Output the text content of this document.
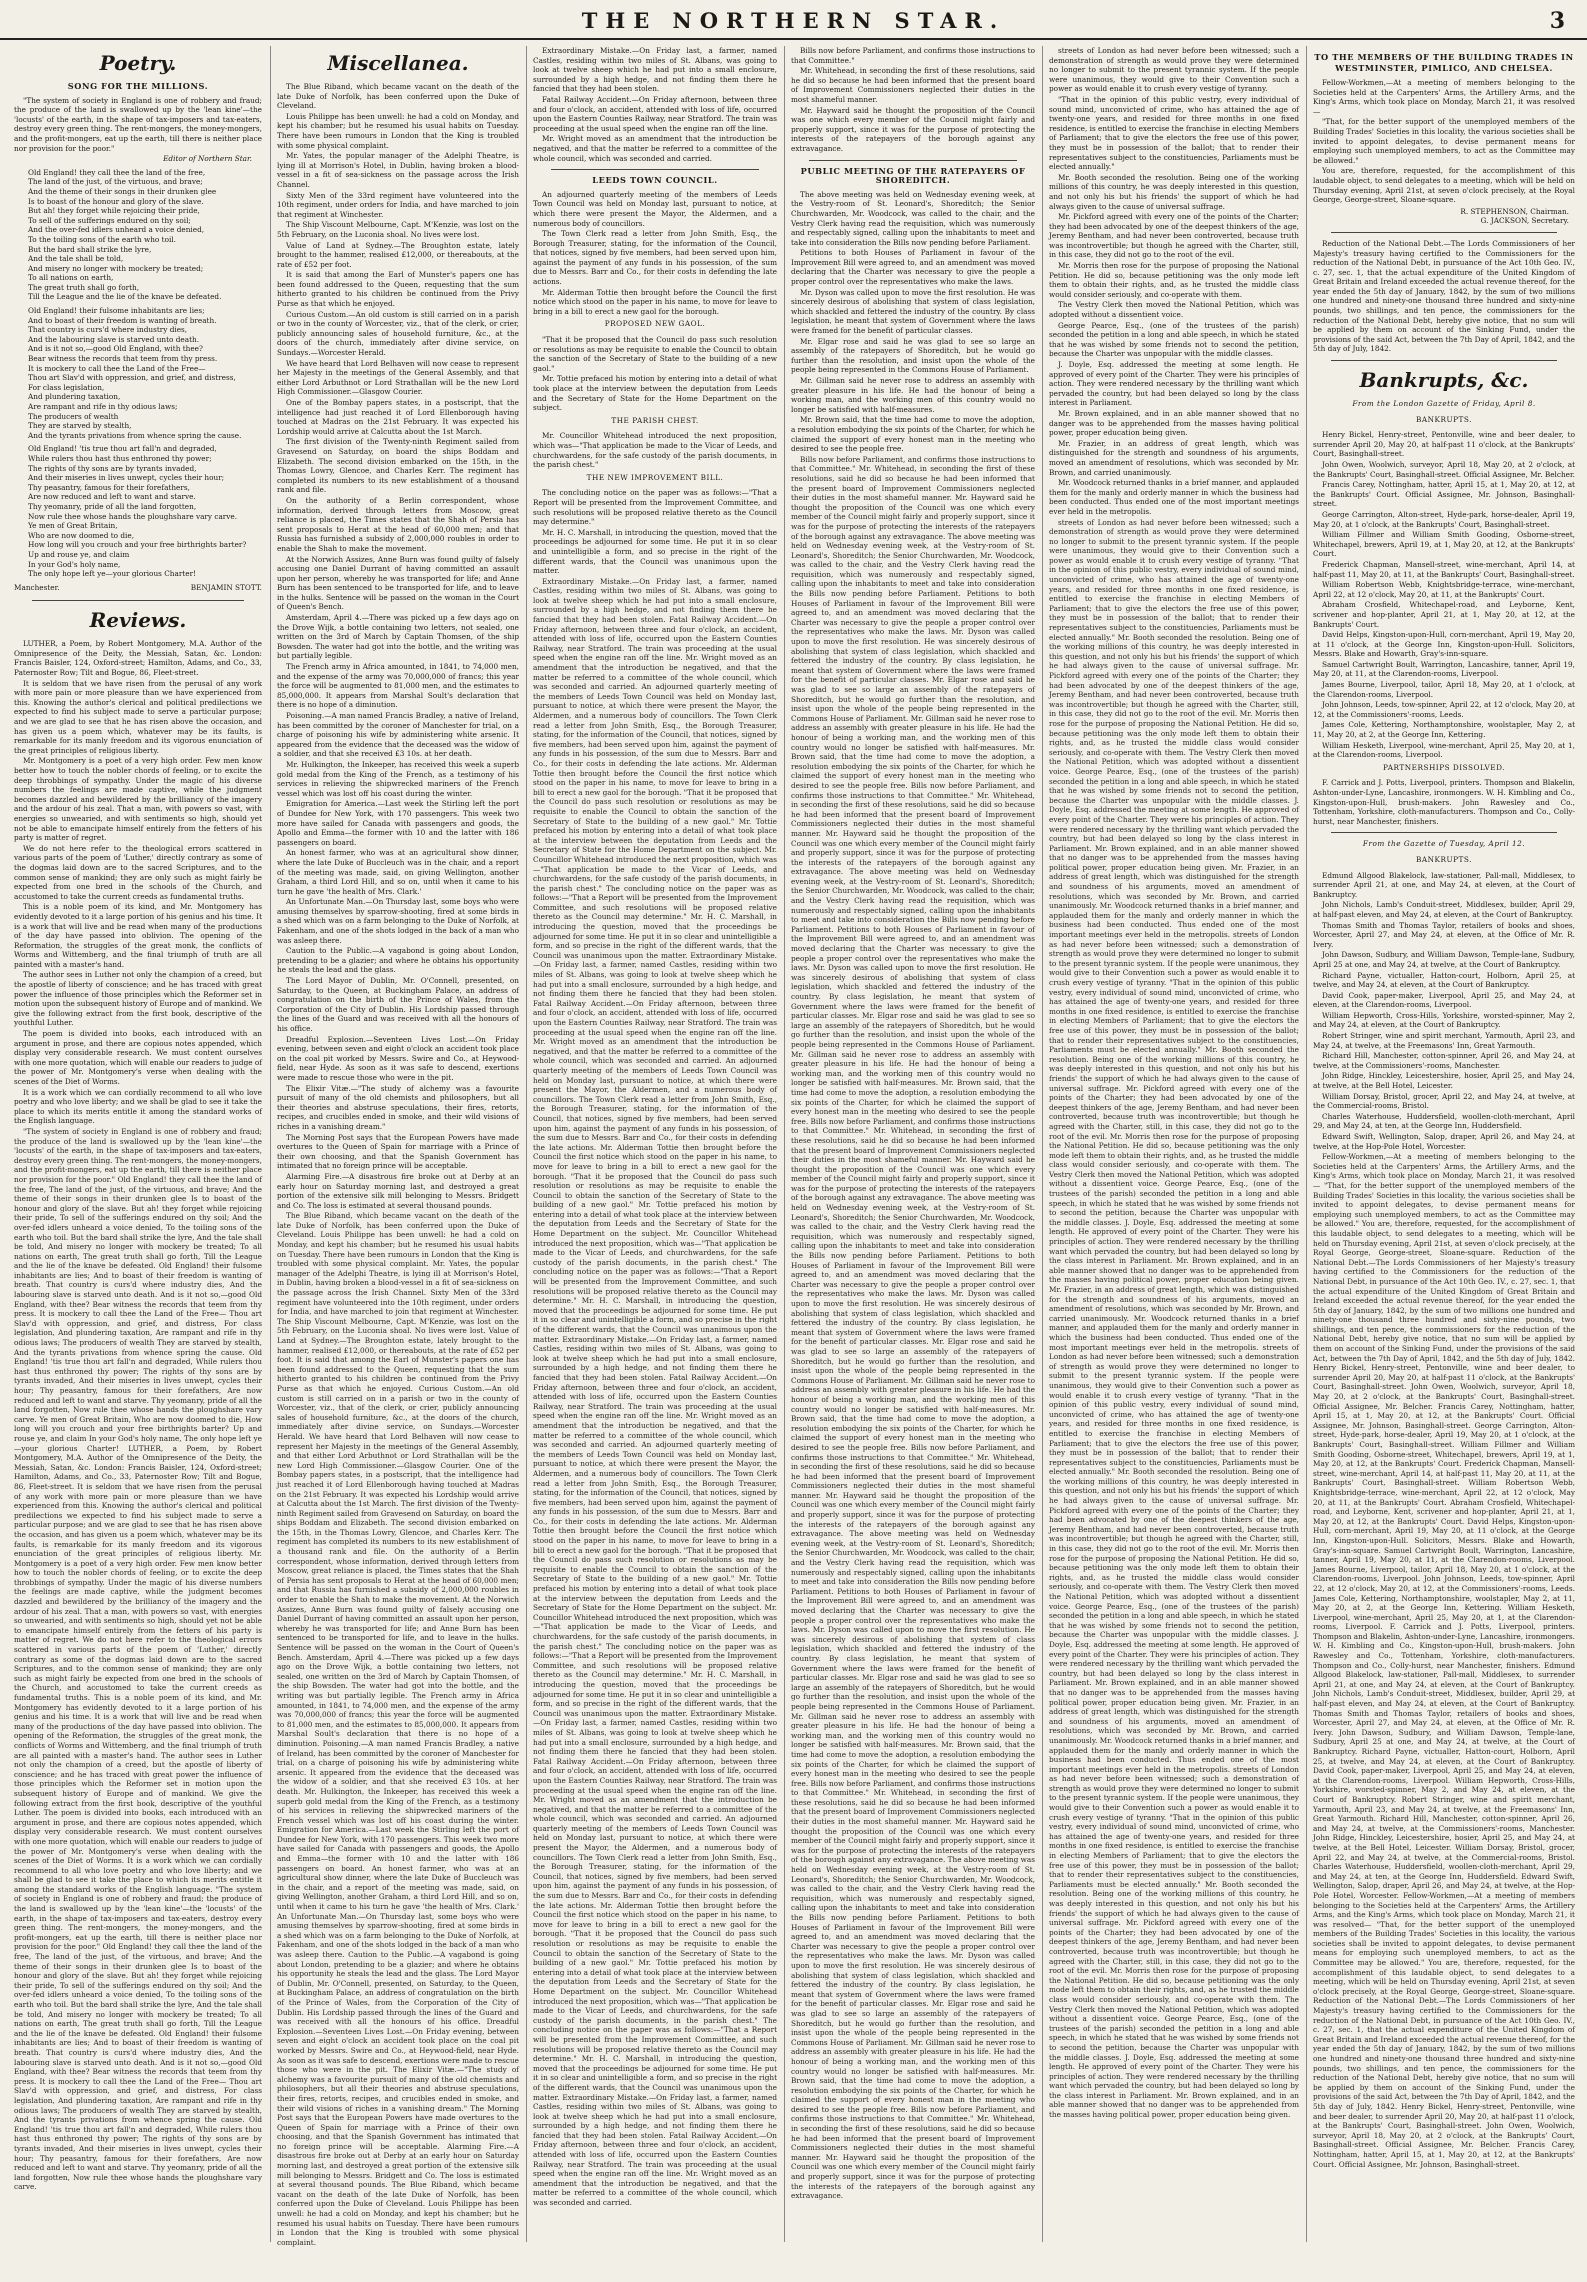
THE NORTHERN STAR.	3
Poetry.
SONG FOR THE MILLIONS.

"The system of society in England is one of robbery and fraud; the produce of the land is swallowed up by the 'lean kine'—the 'locusts' of the earth, in the shape of tax-imposers and tax-eaters, destroy every green thing. The rent-mongers, the money-mongers, and the profit-mongers, eat up the earth, till there is neither place nor provision for the poor."

Editor of Northern Star.

Old England! they call thee the land of the free,

The land of the just, of the virtuous, and brave;

And the theme of their songs in their drunken glee

Is to boast of the honour and glory of the slave.

But ah! they forget while rejoicing their pride,

To sell of the sufferings endured on thy soil;

And the over-fed idlers unheard a voice denied,

To the toiling sons of the earth who toil.

But the bard shall strike the lyre,

And the tale shall be told,

And misery no longer with mockery be treated;

To all nations on earth,

The great truth shall go forth,

Till the League and the lie of the knave be defeated.

Old England! their fulsome inhabitants are lies;

And to boast of their freedom is wanting of breath.

That country is curs'd where industry dies,

And the labouring slave is starved unto death.

And is it not so,—good Old England, with thee?

Bear witness the records that teem from thy press.

It is mockery to call thee the Land of the Free—

Thou art Slav'd with oppression, and grief, and distress,

For class legislation,

And plundering taxation,

Are rampant and rife in thy odious laws;

The producers of wealth

They are starved by stealth,

And the tyrants privations from whence spring the cause.

Old England! 'tis true thou art fall'n and degraded,

While rulers thou hast thus enthroned thy power;

The rights of thy sons are by tyrants invaded,

And their miseries in lives unwept, cycles their hour;

Thy peasantry, famous for their forefathers,

Are now reduced and left to want and starve.

Thy yeomanry, pride of all the land forgotten,

Now rule thee whose hands the ploughshare vary carve.

Ye men of Great Britain,

Who are now doomed to die,

How long will you crouch and your free birthrights barter?

Up and rouse ye, and claim

In your God's holy name,

The only hope left ye—your glorious Charter!

Manchester.	BENJAMIN STOTT.
Reviews.

LUTHER, a Poem, by Robert Montgomery, M.A. Author of the Omnipresence of the Deity, the Messiah, Satan, &c. London: Francis Baisler, 124, Oxford-street; Hamilton, Adams, and Co., 33, Paternoster Row; Tilt and Bogue, 86, Fleet-street.

It is seldom that we have risen from the perusal of any work with more pain or more pleasure than we have experienced from this. Knowing the author's clerical and political predilections we expected to find his subject made to serve a particular purpose; and we are glad to see that he has risen above the occasion, and has given us a poem which, whatever may be its faults, is remarkable for its manly freedom and its vigorous enunciation of the great principles of religious liberty.

Mr. Montgomery is a poet of a very high order. Few men know better how to touch the nobler chords of feeling, or to excite the deep throbbings of sympathy. Under the magic of his diverse numbers the feelings are made captive, while the judgment becomes dazzled and bewildered by the brilliancy of the imagery and the ardour of his zeal. That a man, with powers so vast, with energies so unwearied, and with sentiments so high, should yet not be able to emancipate himself entirely from the fetters of his party is matter of regret.

We do not here refer to the theological errors scattered in various parts of the poem of 'Luther,' directly contrary as some of the dogmas laid down are to the sacred Scriptures, and to the common sense of mankind; they are only such as might fairly be expected from one bred in the schools of the Church, and accustomed to take the current creeds as fundamental truths.

This is a noble poem of its kind, and Mr. Montgomery has evidently devoted to it a large portion of his genius and his time. It is a work that will live and be read when many of the productions of the day have passed into oblivion. The opening of the Reformation, the struggles of the great monk, the conflicts of Worms and Wittemberg, and the final triumph of truth are all painted with a master's hand.

The author sees in Luther not only the champion of a creed, but the apostle of liberty of conscience; and he has traced with great power the influence of those principles which the Reformer set in motion upon the subsequent history of Europe and of mankind. We give the following extract from the first book, descriptive of the youthful Luther.

The poem is divided into books, each introduced with an argument in prose, and there are copious notes appended, which display very considerable research. We must content ourselves with one more quotation, which will enable our readers to judge of the power of Mr. Montgomery's verse when dealing with the scenes of the Diet of Worms.

It is a work which we can cordially recommend to all who love poetry and who love liberty; and we shall be glad to see it take the place to which its merits entitle it among the standard works of the English language.

"The system of society in England is one of robbery and fraud; the produce of the land is swallowed up by the 'lean kine'—the 'locusts' of the earth, in the shape of tax-imposers and tax-eaters, destroy every green thing. The rent-mongers, the money-mongers, and the profit-mongers, eat up the earth, till there is neither place nor provision for the poor." Old England! they call thee the land of the free, The land of the just, of the virtuous, and brave; And the theme of their songs in their drunken glee Is to boast of the honour and glory of the slave. But ah! they forget while rejoicing their pride, To sell of the sufferings endured on thy soil; And the over-fed idlers unheard a voice denied, To the toiling sons of the earth who toil. But the bard shall strike the lyre, And the tale shall be told, And misery no longer with mockery be treated; To all nations on earth, The great truth shall go forth, Till the League and the lie of the knave be defeated. Old England! their fulsome inhabitants are lies; And to boast of their freedom is wanting of breath. That country is curs'd where industry dies, And the labouring slave is starved unto death. And is it not so,—good Old England, with thee? Bear witness the records that teem from thy press. It is mockery to call thee the Land of the Free— Thou art Slav'd with oppression, and grief, and distress, For class legislation, And plundering taxation, Are rampant and rife in thy odious laws; The producers of wealth They are starved by stealth, And the tyrants privations from whence spring the cause. Old England! 'tis true thou art fall'n and degraded, While rulers thou hast thus enthroned thy power; The rights of thy sons are by tyrants invaded, And their miseries in lives unwept, cycles their hour; Thy peasantry, famous for their forefathers, Are now reduced and left to want and starve. Thy yeomanry, pride of all the land forgotten, Now rule thee whose hands the ploughshare vary carve. Ye men of Great Britain, Who are now doomed to die, How long will you crouch and your free birthrights barter? Up and rouse ye, and claim In your God's holy name, The only hope left ye—your glorious Charter! LUTHER, a Poem, by Robert Montgomery, M.A. Author of the Omnipresence of the Deity, the Messiah, Satan, &c. London: Francis Baisler, 124, Oxford-street; Hamilton, Adams, and Co., 33, Paternoster Row; Tilt and Bogue, 86, Fleet-street. It is seldom that we have risen from the perusal of any work with more pain or more pleasure than we have experienced from this. Knowing the author's clerical and political predilections we expected to find his subject made to serve a particular purpose; and we are glad to see that he has risen above the occasion, and has given us a poem which, whatever may be its faults, is remarkable for its manly freedom and its vigorous enunciation of the great principles of religious liberty. Mr. Montgomery is a poet of a very high order. Few men know better how to touch the nobler chords of feeling, or to excite the deep throbbings of sympathy. Under the magic of his diverse numbers the feelings are made captive, while the judgment becomes dazzled and bewildered by the brilliancy of the imagery and the ardour of his zeal. That a man, with powers so vast, with energies so unwearied, and with sentiments so high, should yet not be able to emancipate himself entirely from the fetters of his party is matter of regret. We do not here refer to the theological errors scattered in various parts of the poem of 'Luther,' directly contrary as some of the dogmas laid down are to the sacred Scriptures, and to the common sense of mankind; they are only such as might fairly be expected from one bred in the schools of the Church, and accustomed to take the current creeds as fundamental truths. This is a noble poem of its kind, and Mr. Montgomery has evidently devoted to it a large portion of his genius and his time. It is a work that will live and be read when many of the productions of the day have passed into oblivion. The opening of the Reformation, the struggles of the great monk, the conflicts of Worms and Wittemberg, and the final triumph of truth are all painted with a master's hand. The author sees in Luther not only the champion of a creed, but the apostle of liberty of conscience; and he has traced with great power the influence of those principles which the Reformer set in motion upon the subsequent history of Europe and of mankind. We give the following extract from the first book, descriptive of the youthful Luther. The poem is divided into books, each introduced with an argument in prose, and there are copious notes appended, which display very considerable research. We must content ourselves with one more quotation, which will enable our readers to judge of the power of Mr. Montgomery's verse when dealing with the scenes of the Diet of Worms. It is a work which we can cordially recommend to all who love poetry and who love liberty; and we shall be glad to see it take the place to which its merits entitle it among the standard works of the English language. "The system of society in England is one of robbery and fraud; the produce of the land is swallowed up by the 'lean kine'—the 'locusts' of the earth, in the shape of tax-imposers and tax-eaters, destroy every green thing. The rent-mongers, the money-mongers, and the profit-mongers, eat up the earth, till there is neither place nor provision for the poor." Old England! they call thee the land of the free, The land of the just, of the virtuous, and brave; And the theme of their songs in their drunken glee Is to boast of the honour and glory of the slave. But ah! they forget while rejoicing their pride, To sell of the sufferings endured on thy soil; And the over-fed idlers unheard a voice denied, To the toiling sons of the earth who toil. But the bard shall strike the lyre, And the tale shall be told, And misery no longer with mockery be treated; To all nations on earth, The great truth shall go forth, Till the League and the lie of the knave be defeated. Old England! their fulsome inhabitants are lies; And to boast of their freedom is wanting of breath. That country is curs'd where industry dies, And the labouring slave is starved unto death. And is it not so,—good Old England, with thee? Bear witness the records that teem from thy press. It is mockery to call thee the Land of the Free— Thou art Slav'd with oppression, and grief, and distress, For class legislation, And plundering taxation, Are rampant and rife in thy odious laws; The producers of wealth They are starved by stealth, And the tyrants privations from whence spring the cause. Old England! 'tis true thou art fall'n and degraded, While rulers thou hast thus enthroned thy power; The rights of thy sons are by tyrants invaded, And their miseries in lives unwept, cycles their hour; Thy peasantry, famous for their forefathers, Are now reduced and left to want and starve. Thy yeomanry, pride of all the land forgotten, Now rule thee whose hands the ploughshare vary carve.
Miscellanea.

The Blue Riband, which became vacant on the death of the late Duke of Norfolk, has been conferred upon the Duke of Cleveland.

Louis Philippe has been unwell: he had a cold on Monday, and kept his chamber; but he resumed his usual habits on Tuesday. There have been rumours in London that the King is troubled with some physical complaint.

Mr. Yates, the popular manager of the Adelphi Theatre, is lying ill at Morrison's Hotel, in Dublin, having broken a blood-vessel in a fit of sea-sickness on the passage across the Irish Channel.

Sixty Men of the 33rd regiment have volunteered into the 10th regiment, under orders for India, and have marched to join that regiment at Winchester.

The Ship Viscount Melbourne, Capt. M'Kenzie, was lost on the 5th February, on the Luconia shoal. No lives were lost.

Value of Land at Sydney.—The Broughton estate, lately brought to the hammer, realised £12,000, or thereabouts, at the rate of £52 per foot.

It is said that among the Earl of Munster's papers one has been found addressed to the Queen, requesting that the sum hitherto granted to his children be continued from the Privy Purse as that which he enjoyed.

Curious Custom.—An old custom is still carried on in a parish or two in the county of Worcester, viz., that of the clerk, or crier, publicly announcing sales of household furniture, &c., at the doors of the church, immediately after divine service, on Sundays.—Worcester Herald.

We have heard that Lord Belhaven will now cease to represent her Majesty in the meetings of the General Assembly, and that either Lord Arbuthnot or Lord Strathallan will be the new Lord High Commissioner.—Glasgow Courier.

One of the Bombay papers states, in a postscript, that the intelligence had just reached it of Lord Ellenborough having touched at Madras on the 21st February. It was expected his Lordship would arrive at Calcutta about the 1st March.

The first division of the Twenty-ninth Regiment sailed from Gravesend on Saturday, on board the ships Boddam and Elizabeth. The second division embarked on the 15th, in the Thomas Lowry, Glencoe, and Charles Kerr. The regiment has completed its numbers to its new establishment of a thousand rank and file.

On the authority of a Berlin correspondent, whose information, derived through letters from Moscow, great reliance is placed, the Times states that the Shah of Persia has sent proposals to Herat at the head of 60,000 men; and that Russia has furnished a subsidy of 2,000,000 roubles in order to enable the Shah to make the movement.

At the Norwich Assizes, Anne Burn was found guilty of falsely accusing one Daniel Durrant of having committed an assault upon her person, whereby he was transported for life; and Anne Burn has been sentenced to be transported for life, and to leave in the hulks. Sentence will be passed on the woman in the Court of Queen's Bench.

Amsterdam, April 4.—There was picked up a few days ago on the Drove Wijk, a bottle containing two letters, not sealed, one written on the 3rd of March by Captain Thomsen, of the ship Bowsden. The water had got into the bottle, and the writing was but partially legible.

The French army in Africa amounted, in 1841, to 74,000 men, and the expense of the army was 70,000,000 of francs; this year the force will be augmented to 81,000 men, and the estimates to 85,000,000. It appears from Marshal Soult's declaration that there is no hope of a diminution.

Poisoning.—A man named Francis Bradley, a native of Ireland, has been committed by the coroner of Manchester for trial, on a charge of poisoning his wife by administering white arsenic. It appeared from the evidence that the deceased was the widow of a soldier, and that she received £3 10s. at her death.

Mr. Hulkington, the Inkeeper, has received this week a superb gold medal from the King of the French, as a testimony of his services in relieving the shipwrecked mariners of the French vessel which was lost off his coast during the winter.

Emigration for America.—Last week the Stirling left the port of Dundee for New York, with 170 passengers. This week two more have sailed for Canada with passengers and goods, the Apollo and Emma—the former with 10 and the latter with 186 passengers on board.

An honest farmer, who was at an agricultural show dinner, where the late Duke of Buccleuch was in the chair, and a report of the meeting was made, said, on giving Wellington, another Graham, a third Lord Hill, and so on, until when it came to his turn he gave 'the health of Mrs. Clark.'

An Unfortunate Man.—On Thursday last, some boys who were amusing themselves by sparrow-shooting, fired at some birds in a shed which was on a farm belonging to the Duke of Norfolk, at Fakenham, and one of the shots lodged in the back of a man who was asleep there.

Caution to the Public.—A vagabond is going about London, pretending to be a glazier; and where he obtains his opportunity he steals the lead and the glass.

The Lord Mayor of Dublin, Mr. O'Connell, presented, on Saturday, to the Queen, at Buckingham Palace, an address of congratulation on the birth of the Prince of Wales, from the Corporation of the City of Dublin. His Lordship passed through the lines of the Guard and was received with all the honours of his office.

Dreadful Explosion.—Seventeen Lives Lost.—On Friday evening, between seven and eight o'clock an accident took place on the coal pit worked by Messrs. Swire and Co., at Heywood-field, near Hyde. As soon as it was safe to descend, exertions were made to rescue those who were in the pit.

The Elixir Vitæ.—"The study of alchemy was a favourite pursuit of many of the old chemists and philosophers, but all their theories and abstruse speculations, their fires, retorts, recipes, and crucibles ended in smoke, and their wild visions of riches in a vanishing dream."

The Morning Post says that the European Powers have made overtures to the Queen of Spain for marriage with a Prince of their own choosing, and that the Spanish Government has intimated that no foreign prince will be acceptable.

Alarming Fire.—A disastrous fire broke out at Derby at an early hour on Saturday morning last, and destroyed a great portion of the extensive silk mill belonging to Messrs. Bridgett and Co. The loss is estimated at several thousand pounds.

The Blue Riband, which became vacant on the death of the late Duke of Norfolk, has been conferred upon the Duke of Cleveland. Louis Philippe has been unwell: he had a cold on Monday, and kept his chamber; but he resumed his usual habits on Tuesday. There have been rumours in London that the King is troubled with some physical complaint. Mr. Yates, the popular manager of the Adelphi Theatre, is lying ill at Morrison's Hotel, in Dublin, having broken a blood-vessel in a fit of sea-sickness on the passage across the Irish Channel. Sixty Men of the 33rd regiment have volunteered into the 10th regiment, under orders for India, and have marched to join that regiment at Winchester. The Ship Viscount Melbourne, Capt. M'Kenzie, was lost on the 5th February, on the Luconia shoal. No lives were lost. Value of Land at Sydney.—The Broughton estate, lately brought to the hammer, realised £12,000, or thereabouts, at the rate of £52 per foot. It is said that among the Earl of Munster's papers one has been found addressed to the Queen, requesting that the sum hitherto granted to his children be continued from the Privy Purse as that which he enjoyed. Curious Custom.—An old custom is still carried on in a parish or two in the county of Worcester, viz., that of the clerk, or crier, publicly announcing sales of household furniture, &c., at the doors of the church, immediately after divine service, on Sundays.—Worcester Herald. We have heard that Lord Belhaven will now cease to represent her Majesty in the meetings of the General Assembly, and that either Lord Arbuthnot or Lord Strathallan will be the new Lord High Commissioner.—Glasgow Courier. One of the Bombay papers states, in a postscript, that the intelligence had just reached it of Lord Ellenborough having touched at Madras on the 21st February. It was expected his Lordship would arrive at Calcutta about the 1st March. The first division of the Twenty-ninth Regiment sailed from Gravesend on Saturday, on board the ships Boddam and Elizabeth. The second division embarked on the 15th, in the Thomas Lowry, Glencoe, and Charles Kerr. The regiment has completed its numbers to its new establishment of a thousand rank and file. On the authority of a Berlin correspondent, whose information, derived through letters from Moscow, great reliance is placed, the Times states that the Shah of Persia has sent proposals to Herat at the head of 60,000 men; and that Russia has furnished a subsidy of 2,000,000 roubles in order to enable the Shah to make the movement. At the Norwich Assizes, Anne Burn was found guilty of falsely accusing one Daniel Durrant of having committed an assault upon her person, whereby he was transported for life; and Anne Burn has been sentenced to be transported for life, and to leave in the hulks. Sentence will be passed on the woman in the Court of Queen's Bench. Amsterdam, April 4.—There was picked up a few days ago on the Drove Wijk, a bottle containing two letters, not sealed, one written on the 3rd of March by Captain Thomsen, of the ship Bowsden. The water had got into the bottle, and the writing was but partially legible. The French army in Africa amounted, in 1841, to 74,000 men, and the expense of the army was 70,000,000 of francs; this year the force will be augmented to 81,000 men, and the estimates to 85,000,000. It appears from Marshal Soult's declaration that there is no hope of a diminution. Poisoning.—A man named Francis Bradley, a native of Ireland, has been committed by the coroner of Manchester for trial, on a charge of poisoning his wife by administering white arsenic. It appeared from the evidence that the deceased was the widow of a soldier, and that she received £3 10s. at her death. Mr. Hulkington, the Inkeeper, has received this week a superb gold medal from the King of the French, as a testimony of his services in relieving the shipwrecked mariners of the French vessel which was lost off his coast during the winter. Emigration for America.—Last week the Stirling left the port of Dundee for New York, with 170 passengers. This week two more have sailed for Canada with passengers and goods, the Apollo and Emma—the former with 10 and the latter with 186 passengers on board. An honest farmer, who was at an agricultural show dinner, where the late Duke of Buccleuch was in the chair, and a report of the meeting was made, said, on giving Wellington, another Graham, a third Lord Hill, and so on, until when it came to his turn he gave 'the health of Mrs. Clark.' An Unfortunate Man.—On Thursday last, some boys who were amusing themselves by sparrow-shooting, fired at some birds in a shed which was on a farm belonging to the Duke of Norfolk, at Fakenham, and one of the shots lodged in the back of a man who was asleep there. Caution to the Public.—A vagabond is going about London, pretending to be a glazier; and where he obtains his opportunity he steals the lead and the glass. The Lord Mayor of Dublin, Mr. O'Connell, presented, on Saturday, to the Queen, at Buckingham Palace, an address of congratulation on the birth of the Prince of Wales, from the Corporation of the City of Dublin. His Lordship passed through the lines of the Guard and was received with all the honours of his office. Dreadful Explosion.—Seventeen Lives Lost.—On Friday evening, between seven and eight o'clock an accident took place on the coal pit worked by Messrs. Swire and Co., at Heywood-field, near Hyde. As soon as it was safe to descend, exertions were made to rescue those who were in the pit. The Elixir Vitæ.—"The study of alchemy was a favourite pursuit of many of the old chemists and philosophers, but all their theories and abstruse speculations, their fires, retorts, recipes, and crucibles ended in smoke, and their wild visions of riches in a vanishing dream." The Morning Post says that the European Powers have made overtures to the Queen of Spain for marriage with a Prince of their own choosing, and that the Spanish Government has intimated that no foreign prince will be acceptable. Alarming Fire.—A disastrous fire broke out at Derby at an early hour on Saturday morning last, and destroyed a great portion of the extensive silk mill belonging to Messrs. Bridgett and Co. The loss is estimated at several thousand pounds. The Blue Riband, which became vacant on the death of the late Duke of Norfolk, has been conferred upon the Duke of Cleveland. Louis Philippe has been unwell: he had a cold on Monday, and kept his chamber; but he resumed his usual habits on Tuesday. There have been rumours in London that the King is troubled with some physical complaint.

Extraordinary Mistake.—On Friday last, a farmer, named Castles, residing within two miles of St. Albans, was going to look at twelve sheep which he had put into a small enclosure, surrounded by a high hedge, and not finding them there he fancied that they had been stolen.

Fatal Railway Accident.—On Friday afternoon, between three and four o'clock, an accident, attended with loss of life, occurred upon the Eastern Counties Railway, near Stratford. The train was proceeding at the usual speed when the engine ran off the line.

Mr. Wright moved as an amendment that the introduction be negatived, and that the matter be referred to a committee of the whole council, which was seconded and carried.

LEEDS TOWN COUNCIL.

An adjourned quarterly meeting of the members of Leeds Town Council was held on Monday last, pursuant to notice, at which there were present the Mayor, the Aldermen, and a numerous body of councillors.

The Town Clerk read a letter from John Smith, Esq., the Borough Treasurer, stating, for the information of the Council, that notices, signed by five members, had been served upon him, against the payment of any funds in his possession, of the sum due to Messrs. Barr and Co., for their costs in defending the late actions.

Mr. Alderman Tottie then brought before the Council the first notice which stood on the paper in his name, to move for leave to bring in a bill to erect a new gaol for the borough.

PROPOSED NEW GAOL.

"That it be proposed that the Council do pass such resolution or resolutions as may be requisite to enable the Council to obtain the sanction of the Secretary of State to the building of a new gaol."

Mr. Tottie prefaced his motion by entering into a detail of what took place at the interview between the deputation from Leeds and the Secretary of State for the Home Department on the subject.

THE PARISH CHEST.

Mr. Councillor Whitehead introduced the next proposition, which was—"That application be made to the Vicar of Leeds, and churchwardens, for the safe custody of the parish documents, in the parish chest."

THE NEW IMPROVEMENT BILL.

The concluding notice on the paper was as follows:—"That a Report will be presented from the Improvement Committee, and such resolutions will be proposed relative thereto as the Council may determine."

Mr. H. C. Marshall, in introducing the question, moved that the proceedings be adjourned for some time. He put it in so clear and unintelligible a form, and so precise in the right of the different wards, that the Council was unanimous upon the matter.

Extraordinary Mistake.—On Friday last, a farmer, named Castles, residing within two miles of St. Albans, was going to look at twelve sheep which he had put into a small enclosure, surrounded by a high hedge, and not finding them there he fancied that they had been stolen. Fatal Railway Accident.—On Friday afternoon, between three and four o'clock, an accident, attended with loss of life, occurred upon the Eastern Counties Railway, near Stratford. The train was proceeding at the usual speed when the engine ran off the line. Mr. Wright moved as an amendment that the introduction be negatived, and that the matter be referred to a committee of the whole council, which was seconded and carried. An adjourned quarterly meeting of the members of Leeds Town Council was held on Monday last, pursuant to notice, at which there were present the Mayor, the Aldermen, and a numerous body of councillors. The Town Clerk read a letter from John Smith, Esq., the Borough Treasurer, stating, for the information of the Council, that notices, signed by five members, had been served upon him, against the payment of any funds in his possession, of the sum due to Messrs. Barr and Co., for their costs in defending the late actions. Mr. Alderman Tottie then brought before the Council the first notice which stood on the paper in his name, to move for leave to bring in a bill to erect a new gaol for the borough. "That it be proposed that the Council do pass such resolution or resolutions as may be requisite to enable the Council to obtain the sanction of the Secretary of State to the building of a new gaol." Mr. Tottie prefaced his motion by entering into a detail of what took place at the interview between the deputation from Leeds and the Secretary of State for the Home Department on the subject. Mr. Councillor Whitehead introduced the next proposition, which was—"That application be made to the Vicar of Leeds, and churchwardens, for the safe custody of the parish documents, in the parish chest." The concluding notice on the paper was as follows:—"That a Report will be presented from the Improvement Committee, and such resolutions will be proposed relative thereto as the Council may determine." Mr. H. C. Marshall, in introducing the question, moved that the proceedings be adjourned for some time. He put it in so clear and unintelligible a form, and so precise in the right of the different wards, that the Council was unanimous upon the matter. Extraordinary Mistake.—On Friday last, a farmer, named Castles, residing within two miles of St. Albans, was going to look at twelve sheep which he had put into a small enclosure, surrounded by a high hedge, and not finding them there he fancied that they had been stolen. Fatal Railway Accident.—On Friday afternoon, between three and four o'clock, an accident, attended with loss of life, occurred upon the Eastern Counties Railway, near Stratford. The train was proceeding at the usual speed when the engine ran off the line. Mr. Wright moved as an amendment that the introduction be negatived, and that the matter be referred to a committee of the whole council, which was seconded and carried. An adjourned quarterly meeting of the members of Leeds Town Council was held on Monday last, pursuant to notice, at which there were present the Mayor, the Aldermen, and a numerous body of councillors. The Town Clerk read a letter from John Smith, Esq., the Borough Treasurer, stating, for the information of the Council, that notices, signed by five members, had been served upon him, against the payment of any funds in his possession, of the sum due to Messrs. Barr and Co., for their costs in defending the late actions. Mr. Alderman Tottie then brought before the Council the first notice which stood on the paper in his name, to move for leave to bring in a bill to erect a new gaol for the borough. "That it be proposed that the Council do pass such resolution or resolutions as may be requisite to enable the Council to obtain the sanction of the Secretary of State to the building of a new gaol." Mr. Tottie prefaced his motion by entering into a detail of what took place at the interview between the deputation from Leeds and the Secretary of State for the Home Department on the subject. Mr. Councillor Whitehead introduced the next proposition, which was—"That application be made to the Vicar of Leeds, and churchwardens, for the safe custody of the parish documents, in the parish chest." The concluding notice on the paper was as follows:—"That a Report will be presented from the Improvement Committee, and such resolutions will be proposed relative thereto as the Council may determine." Mr. H. C. Marshall, in introducing the question, moved that the proceedings be adjourned for some time. He put it in so clear and unintelligible a form, and so precise in the right of the different wards, that the Council was unanimous upon the matter. Extraordinary Mistake.—On Friday last, a farmer, named Castles, residing within two miles of St. Albans, was going to look at twelve sheep which he had put into a small enclosure, surrounded by a high hedge, and not finding them there he fancied that they had been stolen. Fatal Railway Accident.—On Friday afternoon, between three and four o'clock, an accident, attended with loss of life, occurred upon the Eastern Counties Railway, near Stratford. The train was proceeding at the usual speed when the engine ran off the line. Mr. Wright moved as an amendment that the introduction be negatived, and that the matter be referred to a committee of the whole council, which was seconded and carried. An adjourned quarterly meeting of the members of Leeds Town Council was held on Monday last, pursuant to notice, at which there were present the Mayor, the Aldermen, and a numerous body of councillors. The Town Clerk read a letter from John Smith, Esq., the Borough Treasurer, stating, for the information of the Council, that notices, signed by five members, had been served upon him, against the payment of any funds in his possession, of the sum due to Messrs. Barr and Co., for their costs in defending the late actions. Mr. Alderman Tottie then brought before the Council the first notice which stood on the paper in his name, to move for leave to bring in a bill to erect a new gaol for the borough. "That it be proposed that the Council do pass such resolution or resolutions as may be requisite to enable the Council to obtain the sanction of the Secretary of State to the building of a new gaol." Mr. Tottie prefaced his motion by entering into a detail of what took place at the interview between the deputation from Leeds and the Secretary of State for the Home Department on the subject. Mr. Councillor Whitehead introduced the next proposition, which was—"That application be made to the Vicar of Leeds, and churchwardens, for the safe custody of the parish documents, in the parish chest." The concluding notice on the paper was as follows:—"That a Report will be presented from the Improvement Committee, and such resolutions will be proposed relative thereto as the Council may determine." Mr. H. C. Marshall, in introducing the question, moved that the proceedings be adjourned for some time. He put it in so clear and unintelligible a form, and so precise in the right of the different wards, that the Council was unanimous upon the matter. Extraordinary Mistake.—On Friday last, a farmer, named Castles, residing within two miles of St. Albans, was going to look at twelve sheep which he had put into a small enclosure, surrounded by a high hedge, and not finding them there he fancied that they had been stolen. Fatal Railway Accident.—On Friday afternoon, between three and four o'clock, an accident, attended with loss of life, occurred upon the Eastern Counties Railway, near Stratford. The train was proceeding at the usual speed when the engine ran off the line. Mr. Wright moved as an amendment that the introduction be negatived, and that the matter be referred to a committee of the whole council, which was seconded and carried. An adjourned quarterly meeting of the members of Leeds Town Council was held on Monday last, pursuant to notice, at which there were present the Mayor, the Aldermen, and a numerous body of councillors. The Town Clerk read a letter from John Smith, Esq., the Borough Treasurer, stating, for the information of the Council, that notices, signed by five members, had been served upon him, against the payment of any funds in his possession, of the sum due to Messrs. Barr and Co., for their costs in defending the late actions. Mr. Alderman Tottie then brought before the Council the first notice which stood on the paper in his name, to move for leave to bring in a bill to erect a new gaol for the borough. "That it be proposed that the Council do pass such resolution or resolutions as may be requisite to enable the Council to obtain the sanction of the Secretary of State to the building of a new gaol." Mr. Tottie prefaced his motion by entering into a detail of what took place at the interview between the deputation from Leeds and the Secretary of State for the Home Department on the subject. Mr. Councillor Whitehead introduced the next proposition, which was—"That application be made to the Vicar of Leeds, and churchwardens, for the safe custody of the parish documents, in the parish chest." The concluding notice on the paper was as follows:—"That a Report will be presented from the Improvement Committee, and such resolutions will be proposed relative thereto as the Council may determine." Mr. H. C. Marshall, in introducing the question, moved that the proceedings be adjourned for some time. He put it in so clear and unintelligible a form, and so precise in the right of the different wards, that the Council was unanimous upon the matter. Extraordinary Mistake.—On Friday last, a farmer, named Castles, residing within two miles of St. Albans, was going to look at twelve sheep which he had put into a small enclosure, surrounded by a high hedge, and not finding them there he fancied that they had been stolen. Fatal Railway Accident.—On Friday afternoon, between three and four o'clock, an accident, attended with loss of life, occurred upon the Eastern Counties Railway, near Stratford. The train was proceeding at the usual speed when the engine ran off the line. Mr. Wright moved as an amendment that the introduction be negatived, and that the matter be referred to a committee of the whole council, which was seconded and carried.

Bills now before Parliament, and confirms those instructions to that Committee."

Mr. Whitehead, in seconding the first of these resolutions, said he did so because he had been informed that the present board of Improvement Commissioners neglected their duties in the most shameful manner.

Mr. Hayward said he thought the proposition of the Council was one which every member of the Council might fairly and properly support, since it was for the purpose of protecting the interests of the ratepayers of the borough against any extravagance.

PUBLIC MEETING OF THE RATEPAYERS OF SHOREDITCH.

The above meeting was held on Wednesday evening week, at the Vestry-room of St. Leonard's, Shoreditch; the Senior Churchwarden, Mr. Woodcock, was called to the chair, and the Vestry Clerk having read the requisition, which was numerously and respectably signed, calling upon the inhabitants to meet and take into consideration the Bills now pending before Parliament.

Petitions to both Houses of Parliament in favour of the Improvement Bill were agreed to, and an amendment was moved declaring that the Charter was necessary to give the people a proper control over the representatives who make the laws.

Mr. Dyson was called upon to move the first resolution. He was sincerely desirous of abolishing that system of class legislation, which shackled and fettered the industry of the country. By class legislation, he meant that system of Government where the laws were framed for the benefit of particular classes.

Mr. Elgar rose and said he was glad to see so large an assembly of the ratepayers of Shoreditch, but he would go further than the resolution, and insist upon the whole of the people being represented in the Commons House of Parliament.

Mr. Gillman said he never rose to address an assembly with greater pleasure in his life. He had the honour of being a working man, and the working men of this country would no longer be satisfied with half-measures.

Mr. Brown said, that the time had come to move the adoption, a resolution embodying the six points of the Charter, for which he claimed the support of every honest man in the meeting who desired to see the people free.

Bills now before Parliament, and confirms those instructions to that Committee." Mr. Whitehead, in seconding the first of these resolutions, said he did so because he had been informed that the present board of Improvement Commissioners neglected their duties in the most shameful manner. Mr. Hayward said he thought the proposition of the Council was one which every member of the Council might fairly and properly support, since it was for the purpose of protecting the interests of the ratepayers of the borough against any extravagance. The above meeting was held on Wednesday evening week, at the Vestry-room of St. Leonard's, Shoreditch; the Senior Churchwarden, Mr. Woodcock, was called to the chair, and the Vestry Clerk having read the requisition, which was numerously and respectably signed, calling upon the inhabitants to meet and take into consideration the Bills now pending before Parliament. Petitions to both Houses of Parliament in favour of the Improvement Bill were agreed to, and an amendment was moved declaring that the Charter was necessary to give the people a proper control over the representatives who make the laws. Mr. Dyson was called upon to move the first resolution. He was sincerely desirous of abolishing that system of class legislation, which shackled and fettered the industry of the country. By class legislation, he meant that system of Government where the laws were framed for the benefit of particular classes. Mr. Elgar rose and said he was glad to see so large an assembly of the ratepayers of Shoreditch, but he would go further than the resolution, and insist upon the whole of the people being represented in the Commons House of Parliament. Mr. Gillman said he never rose to address an assembly with greater pleasure in his life. He had the honour of being a working man, and the working men of this country would no longer be satisfied with half-measures. Mr. Brown said, that the time had come to move the adoption, a resolution embodying the six points of the Charter, for which he claimed the support of every honest man in the meeting who desired to see the people free. Bills now before Parliament, and confirms those instructions to that Committee." Mr. Whitehead, in seconding the first of these resolutions, said he did so because he had been informed that the present board of Improvement Commissioners neglected their duties in the most shameful manner. Mr. Hayward said he thought the proposition of the Council was one which every member of the Council might fairly and properly support, since it was for the purpose of protecting the interests of the ratepayers of the borough against any extravagance. The above meeting was held on Wednesday evening week, at the Vestry-room of St. Leonard's, Shoreditch; the Senior Churchwarden, Mr. Woodcock, was called to the chair, and the Vestry Clerk having read the requisition, which was numerously and respectably signed, calling upon the inhabitants to meet and take into consideration the Bills now pending before Parliament. Petitions to both Houses of Parliament in favour of the Improvement Bill were agreed to, and an amendment was moved declaring that the Charter was necessary to give the people a proper control over the representatives who make the laws. Mr. Dyson was called upon to move the first resolution. He was sincerely desirous of abolishing that system of class legislation, which shackled and fettered the industry of the country. By class legislation, he meant that system of Government where the laws were framed for the benefit of particular classes. Mr. Elgar rose and said he was glad to see so large an assembly of the ratepayers of Shoreditch, but he would go further than the resolution, and insist upon the whole of the people being represented in the Commons House of Parliament. Mr. Gillman said he never rose to address an assembly with greater pleasure in his life. He had the honour of being a working man, and the working men of this country would no longer be satisfied with half-measures. Mr. Brown said, that the time had come to move the adoption, a resolution embodying the six points of the Charter, for which he claimed the support of every honest man in the meeting who desired to see the people free. Bills now before Parliament, and confirms those instructions to that Committee." Mr. Whitehead, in seconding the first of these resolutions, said he did so because he had been informed that the present board of Improvement Commissioners neglected their duties in the most shameful manner. Mr. Hayward said he thought the proposition of the Council was one which every member of the Council might fairly and properly support, since it was for the purpose of protecting the interests of the ratepayers of the borough against any extravagance. The above meeting was held on Wednesday evening week, at the Vestry-room of St. Leonard's, Shoreditch; the Senior Churchwarden, Mr. Woodcock, was called to the chair, and the Vestry Clerk having read the requisition, which was numerously and respectably signed, calling upon the inhabitants to meet and take into consideration the Bills now pending before Parliament. Petitions to both Houses of Parliament in favour of the Improvement Bill were agreed to, and an amendment was moved declaring that the Charter was necessary to give the people a proper control over the representatives who make the laws. Mr. Dyson was called upon to move the first resolution. He was sincerely desirous of abolishing that system of class legislation, which shackled and fettered the industry of the country. By class legislation, he meant that system of Government where the laws were framed for the benefit of particular classes. Mr. Elgar rose and said he was glad to see so large an assembly of the ratepayers of Shoreditch, but he would go further than the resolution, and insist upon the whole of the people being represented in the Commons House of Parliament. Mr. Gillman said he never rose to address an assembly with greater pleasure in his life. He had the honour of being a working man, and the working men of this country would no longer be satisfied with half-measures. Mr. Brown said, that the time had come to move the adoption, a resolution embodying the six points of the Charter, for which he claimed the support of every honest man in the meeting who desired to see the people free. Bills now before Parliament, and confirms those instructions to that Committee." Mr. Whitehead, in seconding the first of these resolutions, said he did so because he had been informed that the present board of Improvement Commissioners neglected their duties in the most shameful manner. Mr. Hayward said he thought the proposition of the Council was one which every member of the Council might fairly and properly support, since it was for the purpose of protecting the interests of the ratepayers of the borough against any extravagance. The above meeting was held on Wednesday evening week, at the Vestry-room of St. Leonard's, Shoreditch; the Senior Churchwarden, Mr. Woodcock, was called to the chair, and the Vestry Clerk having read the requisition, which was numerously and respectably signed, calling upon the inhabitants to meet and take into consideration the Bills now pending before Parliament. Petitions to both Houses of Parliament in favour of the Improvement Bill were agreed to, and an amendment was moved declaring that the Charter was necessary to give the people a proper control over the representatives who make the laws. Mr. Dyson was called upon to move the first resolution. He was sincerely desirous of abolishing that system of class legislation, which shackled and fettered the industry of the country. By class legislation, he meant that system of Government where the laws were framed for the benefit of particular classes. Mr. Elgar rose and said he was glad to see so large an assembly of the ratepayers of Shoreditch, but he would go further than the resolution, and insist upon the whole of the people being represented in the Commons House of Parliament. Mr. Gillman said he never rose to address an assembly with greater pleasure in his life. He had the honour of being a working man, and the working men of this country would no longer be satisfied with half-measures. Mr. Brown said, that the time had come to move the adoption, a resolution embodying the six points of the Charter, for which he claimed the support of every honest man in the meeting who desired to see the people free. Bills now before Parliament, and confirms those instructions to that Committee." Mr. Whitehead, in seconding the first of these resolutions, said he did so because he had been informed that the present board of Improvement Commissioners neglected their duties in the most shameful manner. Mr. Hayward said he thought the proposition of the Council was one which every member of the Council might fairly and properly support, since it was for the purpose of protecting the interests of the ratepayers of the borough against any extravagance. The above meeting was held on Wednesday evening week, at the Vestry-room of St. Leonard's, Shoreditch; the Senior Churchwarden, Mr. Woodcock, was called to the chair, and the Vestry Clerk having read the requisition, which was numerously and respectably signed, calling upon the inhabitants to meet and take into consideration the Bills now pending before Parliament. Petitions to both Houses of Parliament in favour of the Improvement Bill were agreed to, and an amendment was moved declaring that the Charter was necessary to give the people a proper control over the representatives who make the laws. Mr. Dyson was called upon to move the first resolution. He was sincerely desirous of abolishing that system of class legislation, which shackled and fettered the industry of the country. By class legislation, he meant that system of Government where the laws were framed for the benefit of particular classes. Mr. Elgar rose and said he was glad to see so large an assembly of the ratepayers of Shoreditch, but he would go further than the resolution, and insist upon the whole of the people being represented in the Commons House of Parliament. Mr. Gillman said he never rose to address an assembly with greater pleasure in his life. He had the honour of being a working man, and the working men of this country would no longer be satisfied with half-measures. Mr. Brown said, that the time had come to move the adoption, a resolution embodying the six points of the Charter, for which he claimed the support of every honest man in the meeting who desired to see the people free. Bills now before Parliament, and confirms those instructions to that Committee." Mr. Whitehead, in seconding the first of these resolutions, said he did so because he had been informed that the present board of Improvement Commissioners neglected their duties in the most shameful manner. Mr. Hayward said he thought the proposition of the Council was one which every member of the Council might fairly and properly support, since it was for the purpose of protecting the interests of the ratepayers of the borough against any extravagance.

streets of London as had never before been witnessed; such a demonstration of strength as would prove they were determined no longer to submit to the present tyrannic system. If the people were unanimous, they would give to their Convention such a power as would enable it to crush every vestige of tyranny.

"That in the opinion of this public vestry, every individual of sound mind, unconvicted of crime, who has attained the age of twenty-one years, and resided for three months in one fixed residence, is entitled to exercise the franchise in electing Members of Parliament; that to give the electors the free use of this power, they must be in possession of the ballot; that to render their representatives subject to the constituencies, Parliaments must be elected annually."

Mr. Booth seconded the resolution. Being one of the working millions of this country, he was deeply interested in this question, and not only his but his friends' the support of which he had always given to the cause of universal suffrage.

Mr. Pickford agreed with every one of the points of the Charter; they had been advocated by one of the deepest thinkers of the age, Jeremy Bentham, and had never been controverted, because truth was incontrovertible; but though he agreed with the Charter, still, in this case, they did not go to the root of the evil.

Mr. Morris then rose for the purpose of proposing the National Petition. He did so, because petitioning was the only mode left them to obtain their rights, and, as he trusted the middle class would consider seriously, and co-operate with them.

The Vestry Clerk then moved the National Petition, which was adopted without a dissentient voice.

George Pearce, Esq., (one of the trustees of the parish) seconded the petition in a long and able speech, in which he stated that he was wished by some friends not to second the petition, because the Charter was unpopular with the middle classes.

J. Doyle, Esq. addressed the meeting at some length. He approved of every point of the Charter. They were his principles of action. They were rendered necessary by the thrilling want which pervaded the country, but had been delayed so long by the class interest in Parliament.

Mr. Brown explained, and in an able manner showed that no danger was to be apprehended from the masses having political power, proper education being given.

Mr. Frazier, in an address of great length, which was distinguished for the strength and soundness of his arguments, moved an amendment of resolutions, which was seconded by Mr. Brown, and carried unanimously.

Mr. Woodcock returned thanks in a brief manner, and applauded them for the manly and orderly manner in which the business had been conducted. Thus ended one of the most important meetings ever held in the metropolis.

streets of London as had never before been witnessed; such a demonstration of strength as would prove they were determined no longer to submit to the present tyrannic system. If the people were unanimous, they would give to their Convention such a power as would enable it to crush every vestige of tyranny. "That in the opinion of this public vestry, every individual of sound mind, unconvicted of crime, who has attained the age of twenty-one years, and resided for three months in one fixed residence, is entitled to exercise the franchise in electing Members of Parliament; that to give the electors the free use of this power, they must be in possession of the ballot; that to render their representatives subject to the constituencies, Parliaments must be elected annually." Mr. Booth seconded the resolution. Being one of the working millions of this country, he was deeply interested in this question, and not only his but his friends' the support of which he had always given to the cause of universal suffrage. Mr. Pickford agreed with every one of the points of the Charter; they had been advocated by one of the deepest thinkers of the age, Jeremy Bentham, and had never been controverted, because truth was incontrovertible; but though he agreed with the Charter, still, in this case, they did not go to the root of the evil. Mr. Morris then rose for the purpose of proposing the National Petition. He did so, because petitioning was the only mode left them to obtain their rights, and, as he trusted the middle class would consider seriously, and co-operate with them. The Vestry Clerk then moved the National Petition, which was adopted without a dissentient voice. George Pearce, Esq., (one of the trustees of the parish) seconded the petition in a long and able speech, in which he stated that he was wished by some friends not to second the petition, because the Charter was unpopular with the middle classes. J. Doyle, Esq. addressed the meeting at some length. He approved of every point of the Charter. They were his principles of action. They were rendered necessary by the thrilling want which pervaded the country, but had been delayed so long by the class interest in Parliament. Mr. Brown explained, and in an able manner showed that no danger was to be apprehended from the masses having political power, proper education being given. Mr. Frazier, in an address of great length, which was distinguished for the strength and soundness of his arguments, moved an amendment of resolutions, which was seconded by Mr. Brown, and carried unanimously. Mr. Woodcock returned thanks in a brief manner, and applauded them for the manly and orderly manner in which the business had been conducted. Thus ended one of the most important meetings ever held in the metropolis. streets of London as had never before been witnessed; such a demonstration of strength as would prove they were determined no longer to submit to the present tyrannic system. If the people were unanimous, they would give to their Convention such a power as would enable it to crush every vestige of tyranny. "That in the opinion of this public vestry, every individual of sound mind, unconvicted of crime, who has attained the age of twenty-one years, and resided for three months in one fixed residence, is entitled to exercise the franchise in electing Members of Parliament; that to give the electors the free use of this power, they must be in possession of the ballot; that to render their representatives subject to the constituencies, Parliaments must be elected annually." Mr. Booth seconded the resolution. Being one of the working millions of this country, he was deeply interested in this question, and not only his but his friends' the support of which he had always given to the cause of universal suffrage. Mr. Pickford agreed with every one of the points of the Charter; they had been advocated by one of the deepest thinkers of the age, Jeremy Bentham, and had never been controverted, because truth was incontrovertible; but though he agreed with the Charter, still, in this case, they did not go to the root of the evil. Mr. Morris then rose for the purpose of proposing the National Petition. He did so, because petitioning was the only mode left them to obtain their rights, and, as he trusted the middle class would consider seriously, and co-operate with them. The Vestry Clerk then moved the National Petition, which was adopted without a dissentient voice. George Pearce, Esq., (one of the trustees of the parish) seconded the petition in a long and able speech, in which he stated that he was wished by some friends not to second the petition, because the Charter was unpopular with the middle classes. J. Doyle, Esq. addressed the meeting at some length. He approved of every point of the Charter. They were his principles of action. They were rendered necessary by the thrilling want which pervaded the country, but had been delayed so long by the class interest in Parliament. Mr. Brown explained, and in an able manner showed that no danger was to be apprehended from the masses having political power, proper education being given. Mr. Frazier, in an address of great length, which was distinguished for the strength and soundness of his arguments, moved an amendment of resolutions, which was seconded by Mr. Brown, and carried unanimously. Mr. Woodcock returned thanks in a brief manner, and applauded them for the manly and orderly manner in which the business had been conducted. Thus ended one of the most important meetings ever held in the metropolis. streets of London as had never before been witnessed; such a demonstration of strength as would prove they were determined no longer to submit to the present tyrannic system. If the people were unanimous, they would give to their Convention such a power as would enable it to crush every vestige of tyranny. "That in the opinion of this public vestry, every individual of sound mind, unconvicted of crime, who has attained the age of twenty-one years, and resided for three months in one fixed residence, is entitled to exercise the franchise in electing Members of Parliament; that to give the electors the free use of this power, they must be in possession of the ballot; that to render their representatives subject to the constituencies, Parliaments must be elected annually." Mr. Booth seconded the resolution. Being one of the working millions of this country, he was deeply interested in this question, and not only his but his friends' the support of which he had always given to the cause of universal suffrage. Mr. Pickford agreed with every one of the points of the Charter; they had been advocated by one of the deepest thinkers of the age, Jeremy Bentham, and had never been controverted, because truth was incontrovertible; but though he agreed with the Charter, still, in this case, they did not go to the root of the evil. Mr. Morris then rose for the purpose of proposing the National Petition. He did so, because petitioning was the only mode left them to obtain their rights, and, as he trusted the middle class would consider seriously, and co-operate with them. The Vestry Clerk then moved the National Petition, which was adopted without a dissentient voice. George Pearce, Esq., (one of the trustees of the parish) seconded the petition in a long and able speech, in which he stated that he was wished by some friends not to second the petition, because the Charter was unpopular with the middle classes. J. Doyle, Esq. addressed the meeting at some length. He approved of every point of the Charter. They were his principles of action. They were rendered necessary by the thrilling want which pervaded the country, but had been delayed so long by the class interest in Parliament. Mr. Brown explained, and in an able manner showed that no danger was to be apprehended from the masses having political power, proper education being given. Mr. Frazier, in an address of great length, which was distinguished for the strength and soundness of his arguments, moved an amendment of resolutions, which was seconded by Mr. Brown, and carried unanimously. Mr. Woodcock returned thanks in a brief manner, and applauded them for the manly and orderly manner in which the business had been conducted. Thus ended one of the most important meetings ever held in the metropolis. streets of London as had never before been witnessed; such a demonstration of strength as would prove they were determined no longer to submit to the present tyrannic system. If the people were unanimous, they would give to their Convention such a power as would enable it to crush every vestige of tyranny. "That in the opinion of this public vestry, every individual of sound mind, unconvicted of crime, who has attained the age of twenty-one years, and resided for three months in one fixed residence, is entitled to exercise the franchise in electing Members of Parliament; that to give the electors the free use of this power, they must be in possession of the ballot; that to render their representatives subject to the constituencies, Parliaments must be elected annually." Mr. Booth seconded the resolution. Being one of the working millions of this country, he was deeply interested in this question, and not only his but his friends' the support of which he had always given to the cause of universal suffrage. Mr. Pickford agreed with every one of the points of the Charter; they had been advocated by one of the deepest thinkers of the age, Jeremy Bentham, and had never been controverted, because truth was incontrovertible; but though he agreed with the Charter, still, in this case, they did not go to the root of the evil. Mr. Morris then rose for the purpose of proposing the National Petition. He did so, because petitioning was the only mode left them to obtain their rights, and, as he trusted the middle class would consider seriously, and co-operate with them. The Vestry Clerk then moved the National Petition, which was adopted without a dissentient voice. George Pearce, Esq., (one of the trustees of the parish) seconded the petition in a long and able speech, in which he stated that he was wished by some friends not to second the petition, because the Charter was unpopular with the middle classes. J. Doyle, Esq. addressed the meeting at some length. He approved of every point of the Charter. They were his principles of action. They were rendered necessary by the thrilling want which pervaded the country, but had been delayed so long by the class interest in Parliament. Mr. Brown explained, and in an able manner showed that no danger was to be apprehended from the masses having political power, proper education being given.
TO THE MEMBERS OF THE BUILDING TRADES IN WESTMINSTER, PIMLICO, AND CHELSEA.

Fellow-Workmen,—At a meeting of members belonging to the Societies held at the Carpenters' Arms, the Artillery Arms, and the King's Arms, which took place on Monday, March 21, it was resolved—

"That, for the better support of the unemployed members of the Building Trades' Societies in this locality, the various societies shall be invited to appoint delegates, to devise permanent means for employing such unemployed members, to act as the Committee may be allowed."

You are, therefore, requested, for the accomplishment of this laudable object, to send delegates to a meeting, which will be held on Thursday evening, April 21st, at seven o'clock precisely, at the Royal George, George-street, Sloane-square.

R. STEPHENSON, Chairman.
G. JACKSON, Secretary.

Reduction of the National Debt.—The Lords Commissioners of her Majesty's treasury having certified to the Commissioners for the reduction of the National Debt, in pursuance of the Act 10th Geo. IV., c. 27, sec. 1, that the actual expenditure of the United Kingdom of Great Britain and Ireland exceeded the actual revenue thereof, for the year ended the 5th day of January, 1842, by the sum of two millions one hundred and ninety-one thousand three hundred and sixty-nine pounds, two shillings, and ten pence, the commissioners for the reduction of the National Debt, hereby give notice, that no sum will be applied by them on account of the Sinking Fund, under the provisions of the said Act, between the 7th Day of April, 1842, and the 5th day of July, 1842.

Bankrupts, &c.
From the London Gazette of Friday, April 8.
BANKRUPTS.

Henry Bickel, Henry-street, Pentonville, wine and beer dealer, to surrender April 20, May 20, at half-past 11 o'clock, at the Bankrupts' Court, Basinghall-street.

John Owen, Woolwich, surveyor, April 18, May 20, at 2 o'clock, at the Bankrupts' Court, Basinghall-street. Official Assignee, Mr. Belcher.

Francis Carey, Nottingham, hatter, April 15, at 1, May 20, at 12, at the Bankrupts' Court. Official Assignee, Mr. Johnson, Basinghall-street.

George Carrington, Alton-street, Hyde-park, horse-dealer, April 19, May 20, at 1 o'clock, at the Bankrupts' Court, Basinghall-street.

William Fillmer and William Smith Gooding, Osborne-street, Whitechapel, brewers, April 19, at 1, May 20, at 12, at the Bankrupts' Court.

Frederick Chapman, Mansell-street, wine-merchant, April 14, at half-past 11, May 20, at 11, at the Bankrupts' Court, Basinghall-street.

William Robertson Webb, Knightsbridge-terrace, wine-merchant, April 22, at 12 o'clock, May 20, at 11, at the Bankrupts' Court.

Abraham Crosfield, Whitechapel-road, and Leyborne, Kent, scrivener and hop-planter, April 21, at 1, May 20, at 12, at the Bankrupts' Court.

David Helps, Kingston-upon-Hull, corn-merchant, April 19, May 20, at 11 o'clock, at the George Inn, Kingston-upon-Hull. Solicitors, Messrs. Blake and Howarth, Gray's-inn-square.

Samuel Cartwright Boult, Warrington, Lancashire, tanner, April 19, May 20, at 11, at the Clarendon-rooms, Liverpool.

James Bourne, Liverpool, tailor, April 18, May 20, at 1 o'clock, at the Clarendon-rooms, Liverpool.

John Johnson, Leeds, tow-spinner, April 22, at 12 o'clock, May 20, at 12, at the Commissioners'-rooms, Leeds.

James Cole, Kettering, Northamptonshire, woolstapler, May 2, at 11, May 20, at 2, at the George Inn, Kettering.

William Hesketh, Liverpool, wine-merchant, April 25, May 20, at 1, at the Clarendon-rooms, Liverpool.

PARTNERSHIPS DISSOLVED.

F. Carrick and J. Potts, Liverpool, printers. Thompson and Blakelin, Ashton-under-Lyne, Lancashire, ironmongers. W. H. Kimbling and Co., Kingston-upon-Hull, brush-makers. John Rawesley and Co., Tottenham, Yorkshire, cloth-manufacturers. Thompson and Co., Colly-hurst, near Manchester, finishers.

From the Gazette of Tuesday, April 12.
BANKRUPTS.

Edmund Allgood Blakelock, law-stationer, Pall-mall, Middlesex, to surrender April 21, at one, and May 24, at eleven, at the Court of Bankruptcy.

John Nichols, Lamb's Conduit-street, Middlesex, builder, April 29, at half-past eleven, and May 24, at eleven, at the Court of Bankruptcy.

Thomas Smith and Thomas Taylor, retailers of books and shoes, Worcester, April 27, and May 24, at eleven, at the Office of Mr. R. Ivery.

John Dawson, Sudbury, and William Dawson, Temple-lane, Sudbury, April 25 at one, and May 24, at twelve, at the Court of Bankruptcy.

Richard Payne, victualler, Hatton-court, Holborn, April 25, at twelve, and May 24, at eleven, at the Court of Bankruptcy.

David Cook, paper-maker, Liverpool, April 25, and May 24, at eleven, at the Clarendon-rooms, Liverpool.

William Hepworth, Cross-Hills, Yorkshire, worsted-spinner, May 2, and May 24, at eleven, at the Court of Bankruptcy.

Robert Stringer, wine and spirit merchant, Yarmouth, April 23, and May 24, at twelve, at the Freemasons' Inn, Great Yarmouth.

Richard Hill, Manchester, cotton-spinner, April 26, and May 24, at twelve, at the Commissioners'-rooms, Manchester.

John Ridge, Hinckley, Leicestershire, hosier, April 25, and May 24, at twelve, at the Bell Hotel, Leicester.

William Dorsay, Bristol, grocer, April 22, and May 24, at twelve, at the Commercial-rooms, Bristol.

Charles Waterhouse, Huddersfield, woollen-cloth-merchant, April 29, and May 24, at ten, at the George Inn, Huddersfield.

Edward Swift, Wellington, Salop, draper, April 26, and May 24, at twelve, at the Hop-Pole Hotel, Worcester.

Fellow-Workmen,—At a meeting of members belonging to the Societies held at the Carpenters' Arms, the Artillery Arms, and the King's Arms, which took place on Monday, March 21, it was resolved— "That, for the better support of the unemployed members of the Building Trades' Societies in this locality, the various societies shall be invited to appoint delegates, to devise permanent means for employing such unemployed members, to act as the Committee may be allowed." You are, therefore, requested, for the accomplishment of this laudable object, to send delegates to a meeting, which will be held on Thursday evening, April 21st, at seven o'clock precisely, at the Royal George, George-street, Sloane-square. Reduction of the National Debt.—The Lords Commissioners of her Majesty's treasury having certified to the Commissioners for the reduction of the National Debt, in pursuance of the Act 10th Geo. IV., c. 27, sec. 1, that the actual expenditure of the United Kingdom of Great Britain and Ireland exceeded the actual revenue thereof, for the year ended the 5th day of January, 1842, by the sum of two millions one hundred and ninety-one thousand three hundred and sixty-nine pounds, two shillings, and ten pence, the commissioners for the reduction of the National Debt, hereby give notice, that no sum will be applied by them on account of the Sinking Fund, under the provisions of the said Act, between the 7th Day of April, 1842, and the 5th day of July, 1842. Henry Bickel, Henry-street, Pentonville, wine and beer dealer, to surrender April 20, May 20, at half-past 11 o'clock, at the Bankrupts' Court, Basinghall-street. John Owen, Woolwich, surveyor, April 18, May 20, at 2 o'clock, at the Bankrupts' Court, Basinghall-street. Official Assignee, Mr. Belcher. Francis Carey, Nottingham, hatter, April 15, at 1, May 20, at 12, at the Bankrupts' Court. Official Assignee, Mr. Johnson, Basinghall-street. George Carrington, Alton-street, Hyde-park, horse-dealer, April 19, May 20, at 1 o'clock, at the Bankrupts' Court, Basinghall-street. William Fillmer and William Smith Gooding, Osborne-street, Whitechapel, brewers, April 19, at 1, May 20, at 12, at the Bankrupts' Court. Frederick Chapman, Mansell-street, wine-merchant, April 14, at half-past 11, May 20, at 11, at the Bankrupts' Court, Basinghall-street. William Robertson Webb, Knightsbridge-terrace, wine-merchant, April 22, at 12 o'clock, May 20, at 11, at the Bankrupts' Court. Abraham Crosfield, Whitechapel-road, and Leyborne, Kent, scrivener and hop-planter, April 21, at 1, May 20, at 12, at the Bankrupts' Court. David Helps, Kingston-upon-Hull, corn-merchant, April 19, May 20, at 11 o'clock, at the George Inn, Kingston-upon-Hull. Solicitors, Messrs. Blake and Howarth, Gray's-inn-square. Samuel Cartwright Boult, Warrington, Lancashire, tanner, April 19, May 20, at 11, at the Clarendon-rooms, Liverpool. James Bourne, Liverpool, tailor, April 18, May 20, at 1 o'clock, at the Clarendon-rooms, Liverpool. John Johnson, Leeds, tow-spinner, April 22, at 12 o'clock, May 20, at 12, at the Commissioners'-rooms, Leeds. James Cole, Kettering, Northamptonshire, woolstapler, May 2, at 11, May 20, at 2, at the George Inn, Kettering. William Hesketh, Liverpool, wine-merchant, April 25, May 20, at 1, at the Clarendon-rooms, Liverpool. F. Carrick and J. Potts, Liverpool, printers. Thompson and Blakelin, Ashton-under-Lyne, Lancashire, ironmongers. W. H. Kimbling and Co., Kingston-upon-Hull, brush-makers. John Rawesley and Co., Tottenham, Yorkshire, cloth-manufacturers. Thompson and Co., Colly-hurst, near Manchester, finishers. Edmund Allgood Blakelock, law-stationer, Pall-mall, Middlesex, to surrender April 21, at one, and May 24, at eleven, at the Court of Bankruptcy. John Nichols, Lamb's Conduit-street, Middlesex, builder, April 29, at half-past eleven, and May 24, at eleven, at the Court of Bankruptcy. Thomas Smith and Thomas Taylor, retailers of books and shoes, Worcester, April 27, and May 24, at eleven, at the Office of Mr. R. Ivery. John Dawson, Sudbury, and William Dawson, Temple-lane, Sudbury, April 25 at one, and May 24, at twelve, at the Court of Bankruptcy. Richard Payne, victualler, Hatton-court, Holborn, April 25, at twelve, and May 24, at eleven, at the Court of Bankruptcy. David Cook, paper-maker, Liverpool, April 25, and May 24, at eleven, at the Clarendon-rooms, Liverpool. William Hepworth, Cross-Hills, Yorkshire, worsted-spinner, May 2, and May 24, at eleven, at the Court of Bankruptcy. Robert Stringer, wine and spirit merchant, Yarmouth, April 23, and May 24, at twelve, at the Freemasons' Inn, Great Yarmouth. Richard Hill, Manchester, cotton-spinner, April 26, and May 24, at twelve, at the Commissioners'-rooms, Manchester. John Ridge, Hinckley, Leicestershire, hosier, April 25, and May 24, at twelve, at the Bell Hotel, Leicester. William Dorsay, Bristol, grocer, April 22, and May 24, at twelve, at the Commercial-rooms, Bristol. Charles Waterhouse, Huddersfield, woollen-cloth-merchant, April 29, and May 24, at ten, at the George Inn, Huddersfield. Edward Swift, Wellington, Salop, draper, April 26, and May 24, at twelve, at the Hop-Pole Hotel, Worcester. Fellow-Workmen,—At a meeting of members belonging to the Societies held at the Carpenters' Arms, the Artillery Arms, and the King's Arms, which took place on Monday, March 21, it was resolved— "That, for the better support of the unemployed members of the Building Trades' Societies in this locality, the various societies shall be invited to appoint delegates, to devise permanent means for employing such unemployed members, to act as the Committee may be allowed." You are, therefore, requested, for the accomplishment of this laudable object, to send delegates to a meeting, which will be held on Thursday evening, April 21st, at seven o'clock precisely, at the Royal George, George-street, Sloane-square. Reduction of the National Debt.—The Lords Commissioners of her Majesty's treasury having certified to the Commissioners for the reduction of the National Debt, in pursuance of the Act 10th Geo. IV., c. 27, sec. 1, that the actual expenditure of the United Kingdom of Great Britain and Ireland exceeded the actual revenue thereof, for the year ended the 5th day of January, 1842, by the sum of two millions one hundred and ninety-one thousand three hundred and sixty-nine pounds, two shillings, and ten pence, the commissioners for the reduction of the National Debt, hereby give notice, that no sum will be applied by them on account of the Sinking Fund, under the provisions of the said Act, between the 7th Day of April, 1842, and the 5th day of July, 1842. Henry Bickel, Henry-street, Pentonville, wine and beer dealer, to surrender April 20, May 20, at half-past 11 o'clock, at the Bankrupts' Court, Basinghall-street. John Owen, Woolwich, surveyor, April 18, May 20, at 2 o'clock, at the Bankrupts' Court, Basinghall-street. Official Assignee, Mr. Belcher. Francis Carey, Nottingham, hatter, April 15, at 1, May 20, at 12, at the Bankrupts' Court. Official Assignee, Mr. Johnson, Basinghall-street.
